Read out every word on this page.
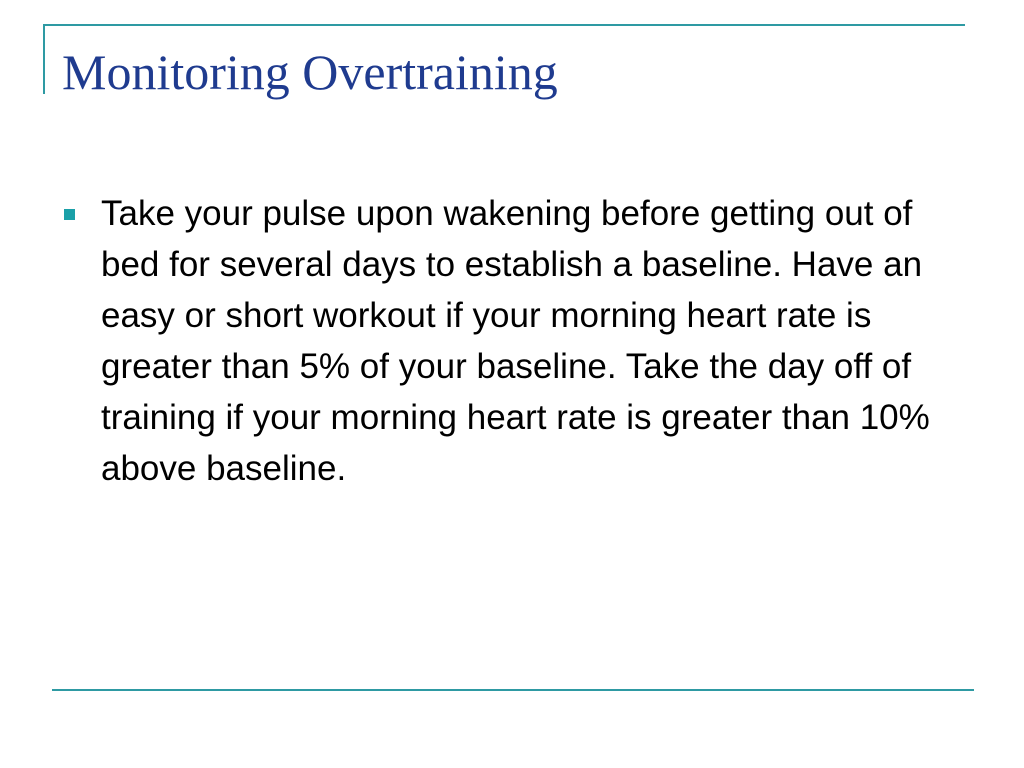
Monitoring Overtraining
Take your pulse upon wakening before getting out of bed for several days to establish a baseline. Have an easy or short workout if your morning heart rate is greater than 5% of your baseline. Take the day off of training if your morning heart rate is greater than 10% above baseline.
